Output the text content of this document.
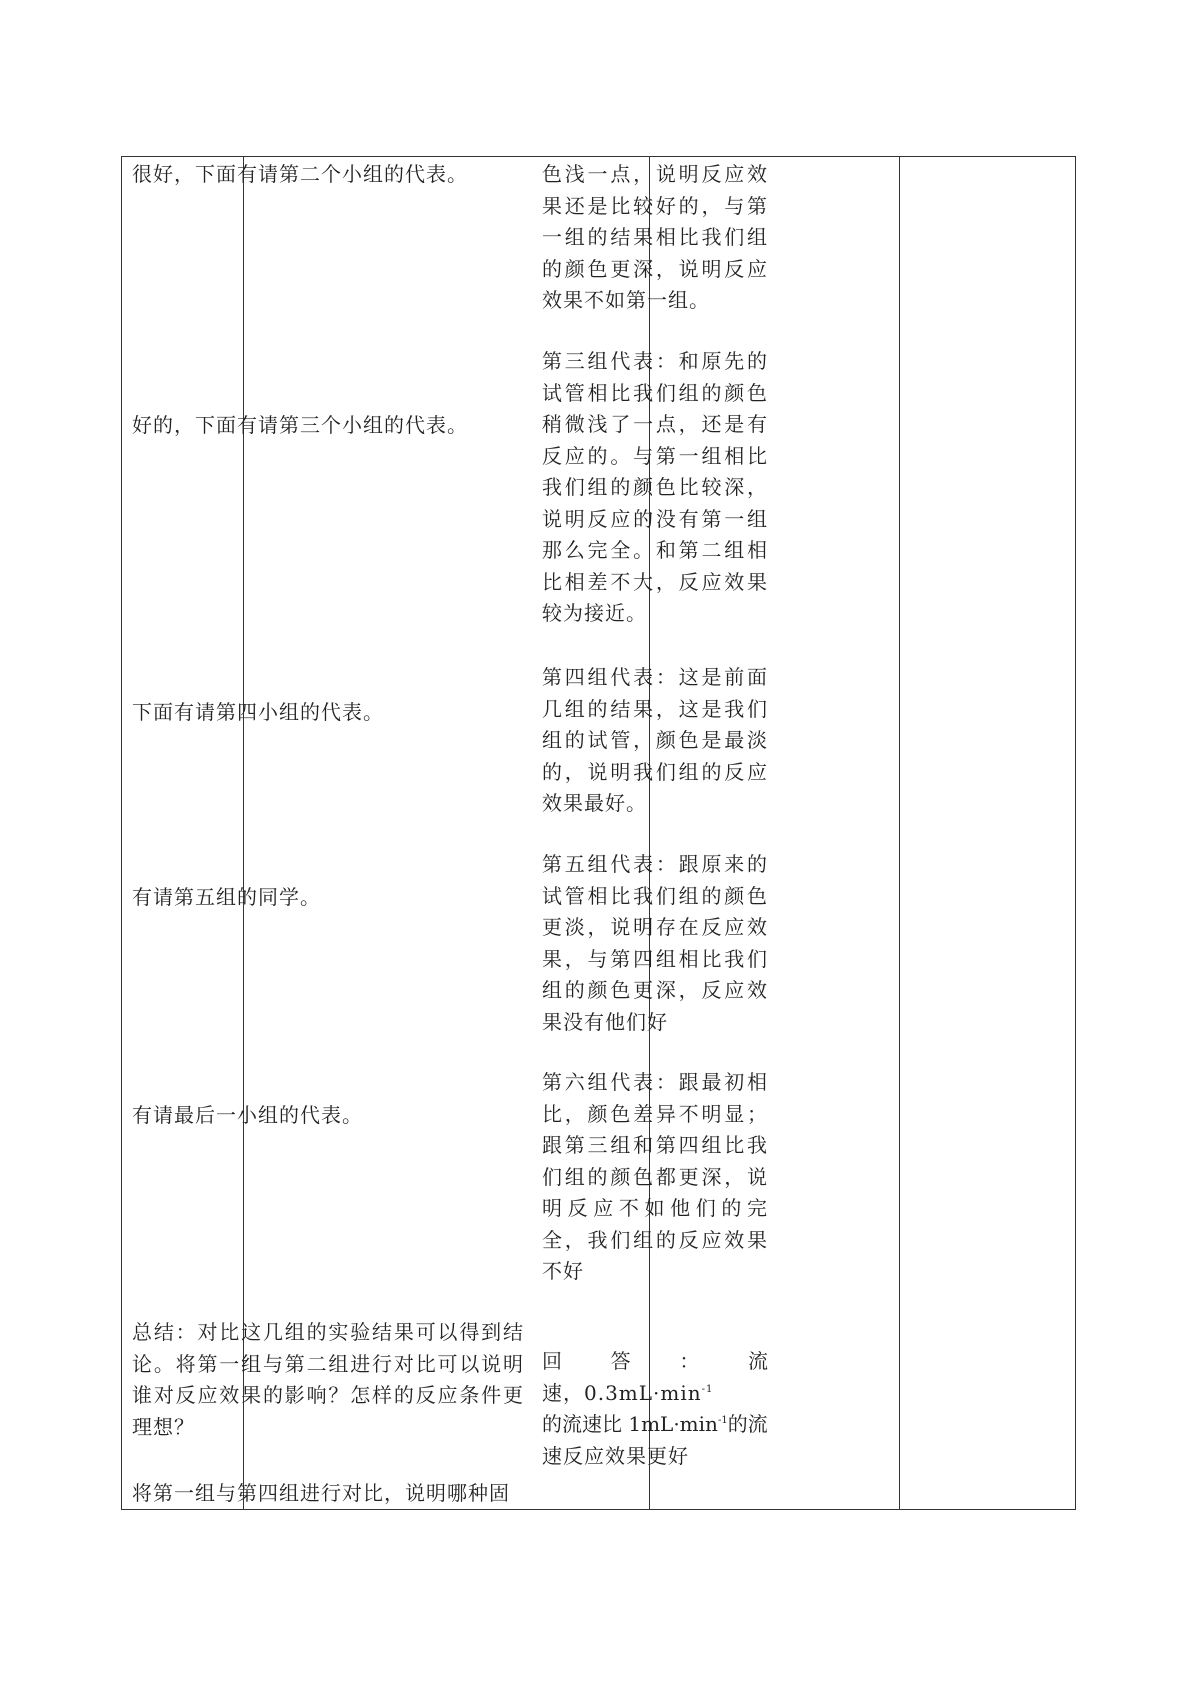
很好，下面有请第二个小组的代表。

好的，下面有请第三个小组的代表。

下面有请第四小组的代表。

有请第五组的同学。

有请最后一小组的代表。

总结：对比这几组的实验结果可以得到结论。将第一组与第二组进行对比可以说明谁对反应效果的影响？怎样的反应条件更理想？

将第一组与第四组进行对比，说明哪种固

色浅一点，说明反应效果还是比较好的，与第一组的结果相比我们组的颜色更深，说明反应效果不如第一组。

第三组代表：和原先的试管相比我们组的颜色稍微浅了一点，还是有反应的。与第一组相比我们组的颜色比较深，说明反应的没有第一组那么完全。和第二组相比相差不大，反应效果较为接近。

第四组代表：这是前面几组的结果，这是我们组的试管，颜色是最淡的，说明我们组的反应效果最好。

第五组代表：跟原来的试管相比我们组的颜色更淡，说明存在反应效果，与第四组相比我们组的颜色更深，反应效果没有他们好

第六组代表：跟最初相比，颜色差异不明显；跟第三组和第四组比我们组的颜色都更深，说明反应不如他们的完全，我们组的反应效果不好

回 答 ： 流
速，$0.3mL\cdot\min^{-1}$
的流速比 $1mL\cdot\min^{-1}$的流
速反应效果更好
